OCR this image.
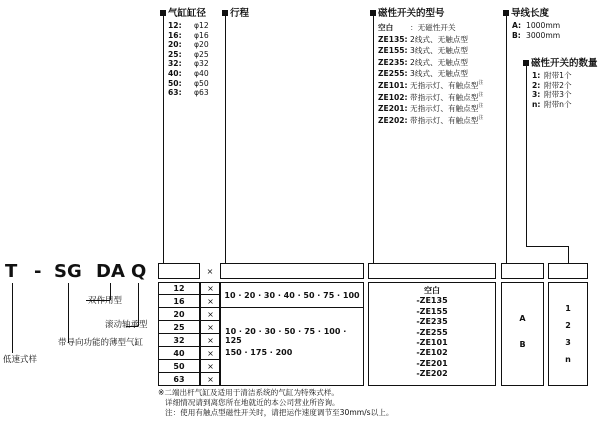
气缸缸径
12: φ12
16: φ16
20: φ20
25: φ25
32: φ32
40: φ40
50: φ50
63: φ63
行程	磁性开关的型号
空白 ：无磁性开关
ZE135: 2线式、无触点型
ZE155: 3线式、无触点型
ZE235: 2线式、无触点型
ZE255: 3线式、无触点型
ZE101: 无指示灯、有触点型$^注$
ZE102: 带指示灯、有触点型$^注$
ZE201: 无指示灯、有触点型$^注$
ZE202: 带指示灯、有触点型$^注$
导线长度
A: 1000mm
B: 3000mm
磁性开关的数量
1: 附带1个
2: 附带2个
3: 附带3个
n: 附带n个
T - SG DA Q
双作用型
滚动轴承型
带导向功能的薄型气缸
低速式样
×
12	×
16	×
20	×
25	×
32	×
40	×
50	×
63	×
10 · 20 · 30 · 40 · 50 · 75 · 100
10 · 20 · 30 · 50 · 75 · 100 · 125
150 · 175 · 200
空白
-ZE135
-ZE155
-ZE235
-ZE255
-ZE101
-ZE102
-ZE201
-ZE202
A
B
1
2
3
n
※二端出杆气缸及适用于清洁系统的气缸为特殊式样。
详细情况请到离您所在地就近的本公司营业所咨询。
注：使用有触点型磁性开关时，请把运作速度调节至30mm/s以上。
